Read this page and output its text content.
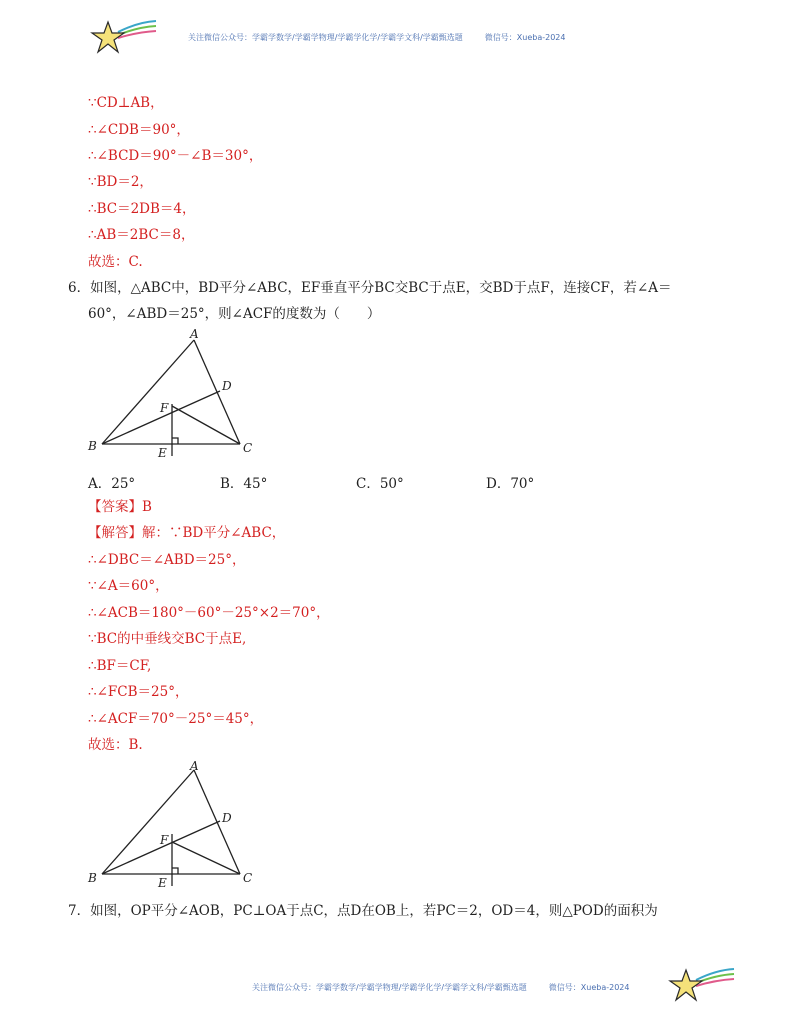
关注微信公众号：学霸学数学/学霸学物理/学霸学化学/学霸学文科/学霸甄选题	微信号：Xueba-2024
∵CD⊥AB，
∴∠CDB＝90°，
∴∠BCD＝90°－∠B＝30°，
∵BD＝2，
∴BC＝2DB＝4，
∴AB＝2BC＝8，
故选：C.
6．如图，△ABC中，BD平分∠ABC，EF垂直平分BC交BC于点E，交BD于点F，连接CF，若∠A＝
60°，∠ABD＝25°，则∠ACF的度数为（　　）
A
B	C
D
E
F
A．25°	B．45°	C．50°	D．70°
【答案】B
【解答】解：∵BD平分∠ABC，
∴∠DBC＝∠ABD＝25°，
∵∠A＝60°，
∴∠ACB＝180°－60°－25°×2＝70°，
∵BC的中垂线交BC于点E,
∴BF＝CF,
∴∠FCB＝25°，
∴∠ACF＝70°－25°＝45°，
故选：B.
A
B	C
D
E
F
7．如图，OP平分∠AOB，PC⊥OA于点C，点D在OB上，若PC＝2，OD＝4，则△POD的面积为
关注微信公众号：学霸学数学/学霸学物理/学霸学化学/学霸学文科/学霸甄选题	微信号：Xueba-2024
